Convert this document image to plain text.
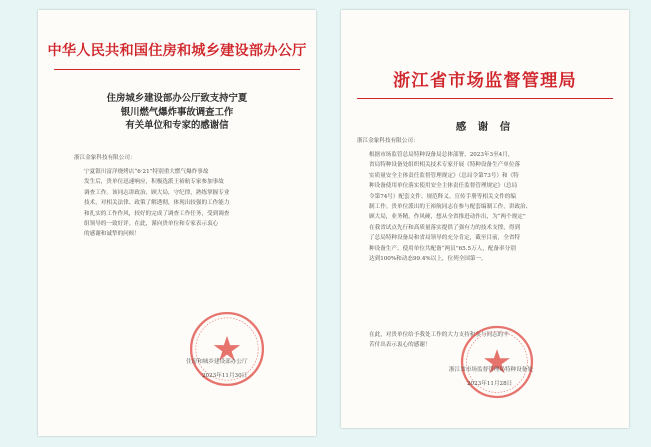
中华人民共和国住房和城乡建设部办公厅
住房城乡建设部办公厅致支持宁夏
银川燃气爆炸事故调查工作
有关单位和专家的感谢信
浙江金象科技有限公司：
宁夏银川富洋烧烤店“6·21”特别重大燃气爆炸事故
发生后，贵单位迅速响应，积极选派王裕航专家参加事故
调查工作。该同志讲政治、顾大局，守纪律，熟练掌握专业
技术，对相关法律、政策了解透彻，体现出较强的工作能力
和扎实的工作作风，较好的完成了调查工作任务，受到调查
组领导的一致好评。在此，谨向贵单位和专家表示衷心
的感谢和诚挚的问候！
住房和城乡建设部办公厅
2023年11月30日
浙江省市场监督管理局
感 谢 信
浙江金象科技有限公司：
根据市场监管总局特种设备局总体部署，2023年3至4月，
省局特种设备处组织相关技术专家开展《特种设备生产单位落
实质量安全主体责任监督管理规定》（总局令第73号）和《特
种设备使用单位落实使用安全主体责任监督管理规定》（总局
令第74号）配套文件、规范释义、宣传手册等相关文件的编
制工作。贵单位派出的王裕航同志在参与配套编制工作，讲政治、
顾大局，业务精，作风硬，想从全省推进动作出，为“两个规定”
在我省试点先行和高质量落实提供了强有力的技术支撑，得到
了总局特种设备局和省局领导的充分肯定，截至目前，全省特
种设备生产、使用单位共配备“两员”65.5万人，配备率分别
达到100%和动态99.4%以上，位列全国第一。
在此，对贵单位给予我处工作的大力支持和参与同志的辛
苦付出表示衷心的感谢！
浙江省市场监督管理局特种设备处
2023年11月28日
